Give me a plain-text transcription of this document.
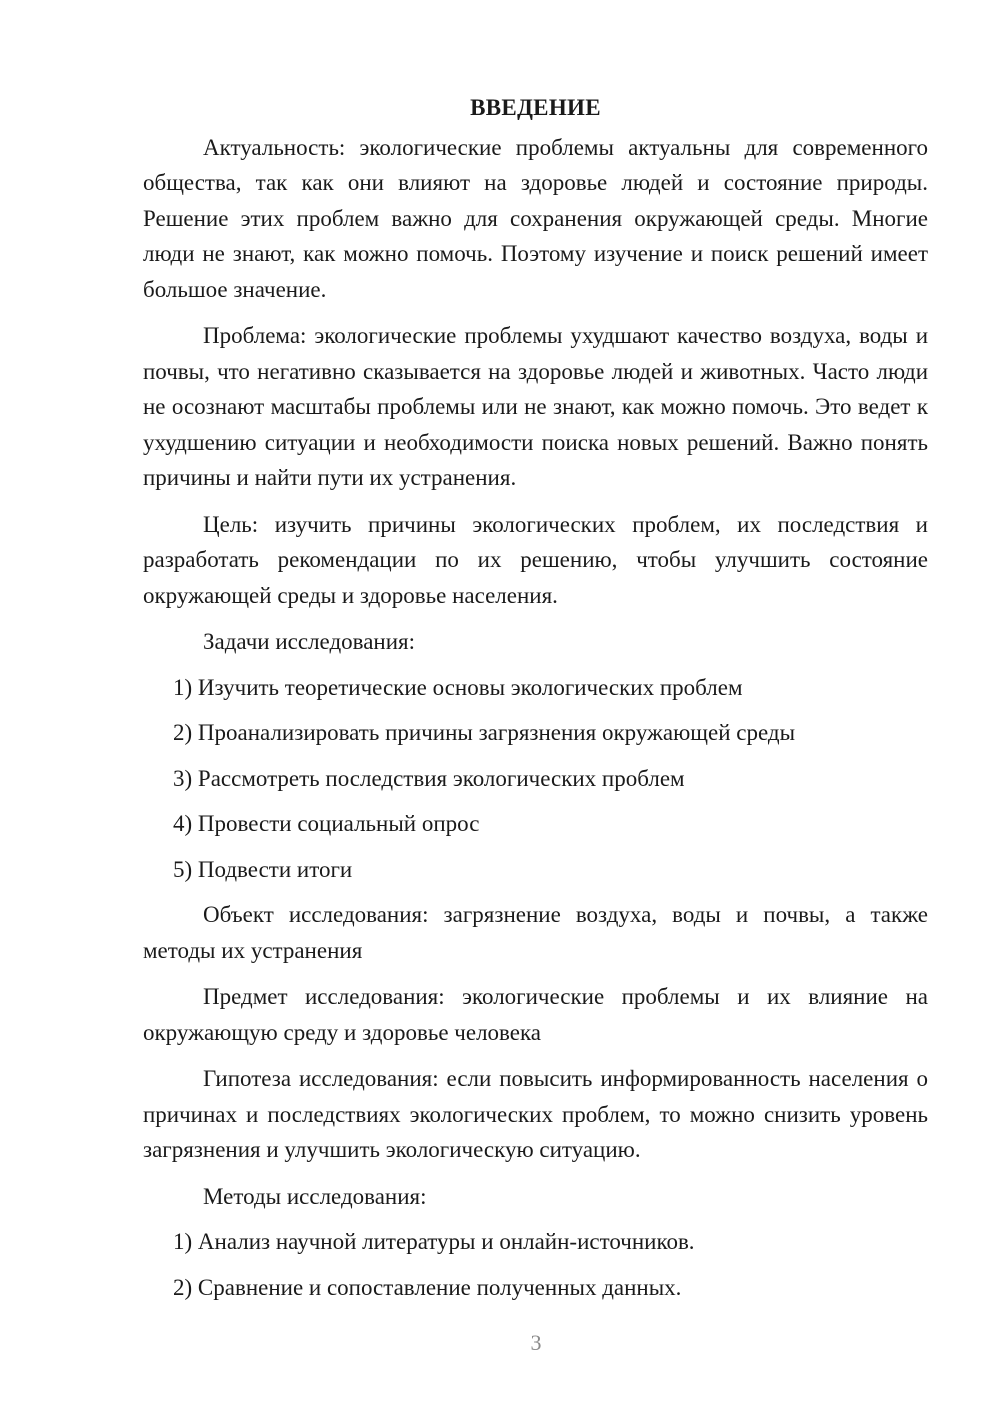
ВВЕДЕНИЕ

Актуальность: экологические проблемы актуальны для современного общества, так как они влияют на здоровье людей и состояние природы. Решение этих проблем важно для сохранения окружающей среды. Многие люди не знают, как можно помочь. Поэтому изучение и поиск решений имеет большое значение.

Проблема: экологические проблемы ухудшают качество воздуха, воды и почвы, что негативно сказывается на здоровье людей и животных. Часто люди не осознают масштабы проблемы или не знают, как можно помочь. Это ведет к ухудшению ситуации и необходимости поиска новых решений. Важно понять причины и найти пути их устранения.

Цель: изучить причины экологических проблем, их последствия и разработать рекомендации по их решению, чтобы улучшить состояние окружающей среды и здоровье населения.

Задачи исследования:
1) Изучить теоретические основы экологических проблем
2) Проанализировать причины загрязнения окружающей среды
3) Рассмотреть последствия экологических проблем
4) Провести социальный опрос
5) Подвести итоги

Объект исследования: загрязнение воздуха, воды и почвы, а также методы их устранения

Предмет исследования: экологические проблемы и их влияние на окружающую среду и здоровье человека

Гипотеза исследования: если повысить информированность населения о причинах и последствиях экологических проблем, то можно снизить уровень загрязнения и улучшить экологическую ситуацию.

Методы исследования:
1) Анализ научной литературы и онлайн-источников.
2) Сравнение и сопоставление полученных данных.
3
